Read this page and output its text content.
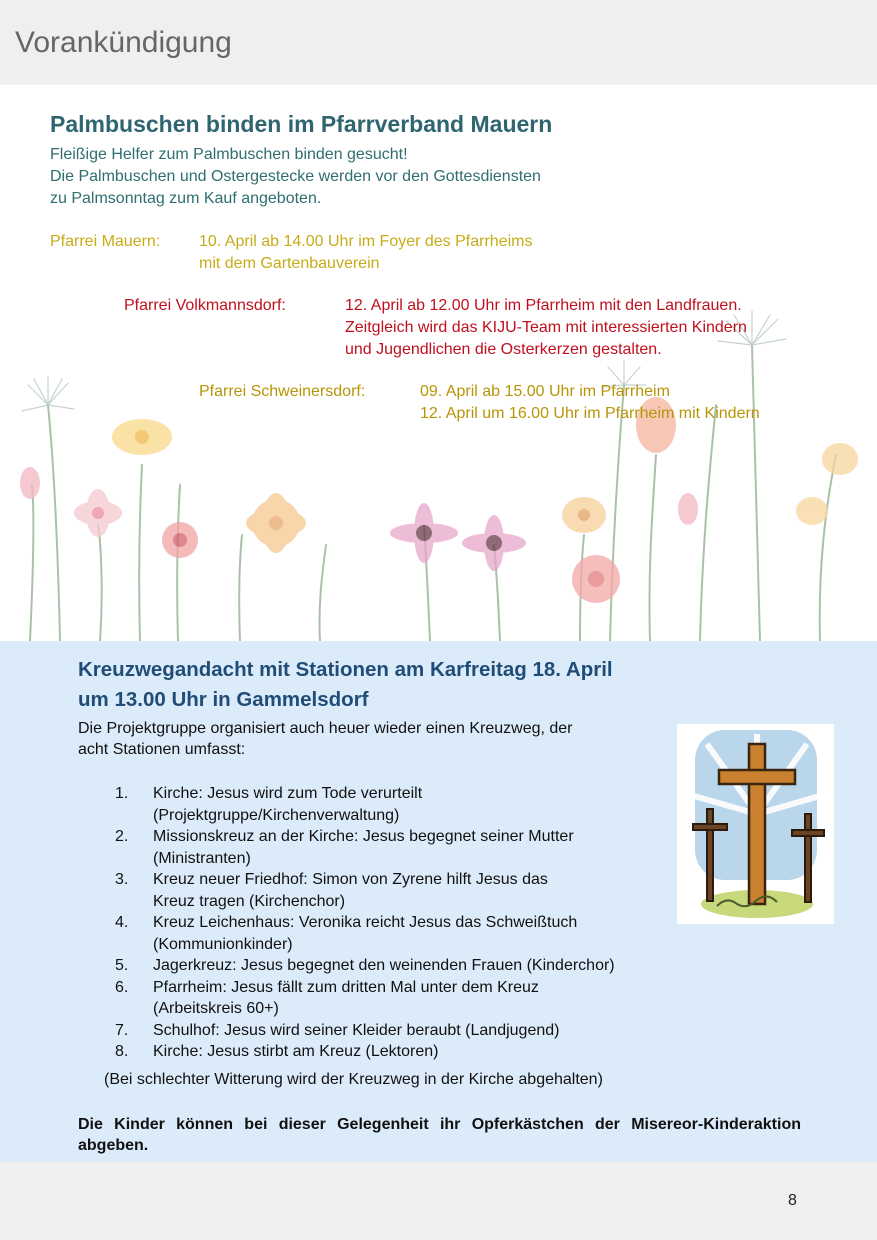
Vorankündigung
Palmbuschen binden im Pfarrverband Mauern
Fleißige Helfer zum Palmbuschen binden gesucht!
Die Palmbuschen und Ostergestecke werden vor den Gottesdiensten
zu Palmsonntag zum Kauf angeboten.
Pfarrei Mauern: 10. April ab 14.00 Uhr im Foyer des Pfarrheims
mit dem Gartenbauverein
Pfarrei Volkmannsdorf:	12. April ab 12.00 Uhr im Pfarrheim mit den Landfrauen.
Zeitgleich wird das KIJU-Team mit interessierten Kindern
und Jugendlichen die Osterkerzen gestalten.
Pfarrei Schweinersdorf:	09. April ab 15.00 Uhr im Pfarrheim
12. April um 16.00 Uhr im Pfarrheim mit Kindern
Kreuzwegandacht mit Stationen am Karfreitag 18. April
um 13.00 Uhr in Gammelsdorf
Die Projektgruppe organisiert auch heuer wieder einen Kreuzweg, der
acht Stationen umfasst:
1. Kirche: Jesus wird zum Tode verurteilt
(Projektgruppe/Kirchenverwaltung)
2. Missionskreuz an der Kirche: Jesus begegnet seiner Mutter
(Ministranten)
3. Kreuz neuer Friedhof: Simon von Zyrene hilft Jesus das
Kreuz tragen (Kirchenchor)
4. Kreuz Leichenhaus: Veronika reicht Jesus das Schweißtuch
(Kommunionkinder)
5. Jagerkreuz: Jesus begegnet den weinenden Frauen (Kinderchor)
6. Pfarrheim: Jesus fällt zum dritten Mal unter dem Kreuz
(Arbeitskreis 60+)
7. Schulhof: Jesus wird seiner Kleider beraubt (Landjugend)
8. Kirche: Jesus stirbt am Kreuz (Lektoren)
(Bei schlechter Witterung wird der Kreuzweg in der Kirche abgehalten)
Die Kinder können bei dieser Gelegenheit ihr Opferkästchen der Misereor-Kinderaktion abgeben.
8
